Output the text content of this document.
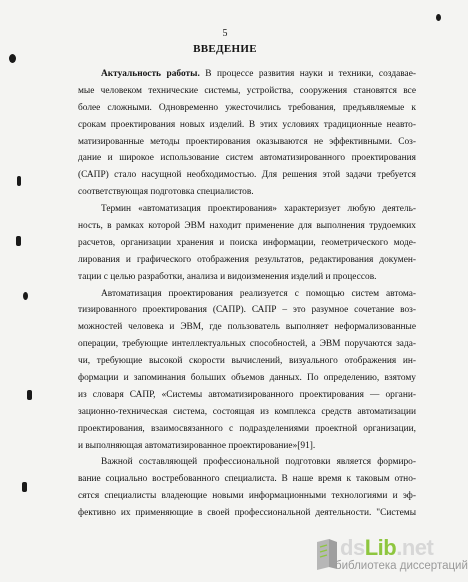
5
ВВЕДЕНИЕ
Актуальность работы. В процессе развития науки и техники, создавае-
мые человеком технические системы, устройства, сооружения становятся все
более сложными. Одновременно ужесточились требования, предъявляемые к
срокам проектирования новых изделий. В этих условиях традиционные неавто-
матизированные методы проектирования оказываются не эффективными. Соз-
дание и широкое использование систем автоматизированного проектирования
(САПР) стало насущной необходимостью. Для решения этой задачи требуется
соответствующая подготовка специалистов.
Термин «автоматизация проектирования» характеризует любую деятель-
ность, в рамках которой ЭВМ находит применение для выполнения трудоемких
расчетов, организации хранения и поиска информации, геометрического моде-
лирования и графического отображения результатов, редактирования докумен-
тации с целью разработки, анализа и видоизменения изделий и процессов.
Автоматизация проектирования реализуется с помощью систем автома-
тизированного проектирования (САПР). САПР – это разумное сочетание воз-
можностей человека и ЭВМ, где пользователь выполняет неформализованные
операции, требующие интеллектуальных способностей, а ЭВМ поручаются зада-
чи, требующие высокой скорости вычислений, визуального отображения ин-
формации и запоминания больших объемов данных. По определению, взятому
из словаря САПР, «Системы автоматизированного проектирования — органи-
зационно-техническая система, состоящая из комплекса средств автоматизации
проектирования, взаимосвязанного с подразделениями проектной организации,
и выполняющая автоматизированное проектирование»[91].
Важной составляющей профессиональной подготовки является формиро-
вание социально востребованного специалиста. В наше время к таковым отно-
сятся специалисты владеющие новыми информационными технологиями и эф-
фективно их применяющие в своей профессиональной деятельности. "Системы
dsLib.net
библиотека диссертаций
